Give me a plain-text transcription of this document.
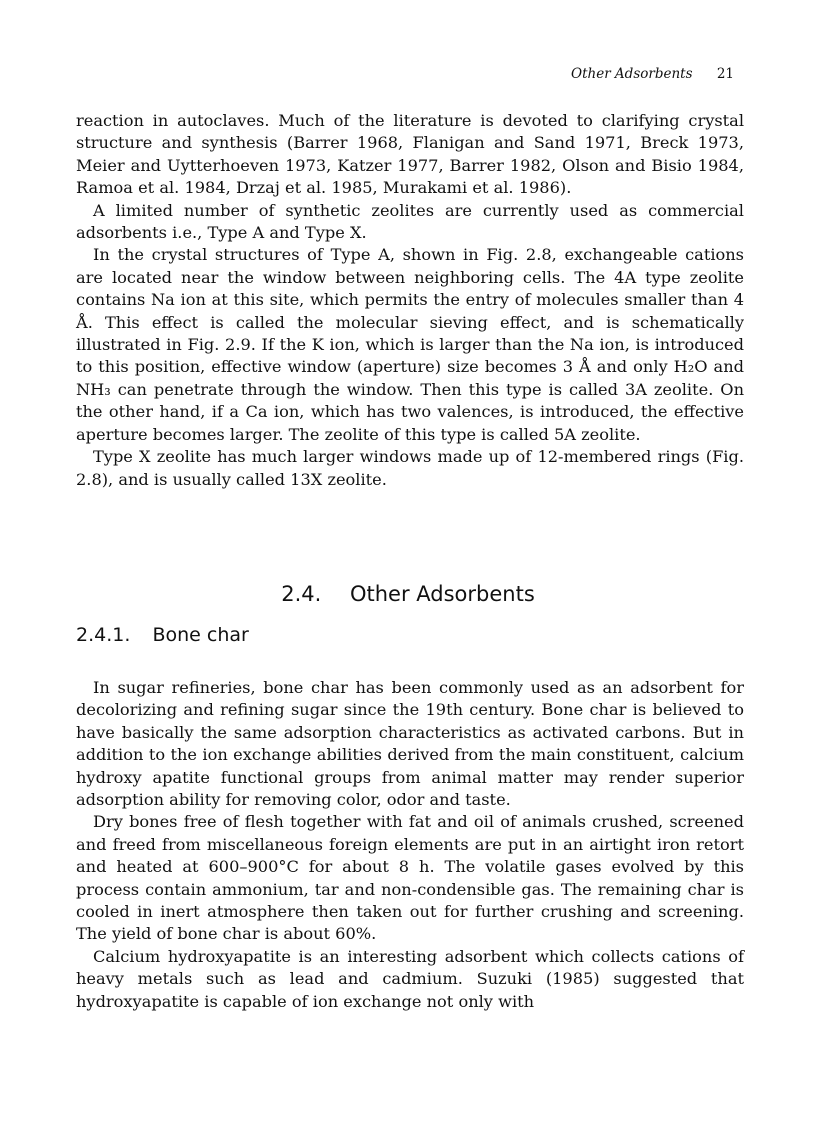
Other Adsorbents 21

reaction in autoclaves. Much of the literature is devoted to clarifying crystal structure and synthesis (Barrer 1968, Flanigan and Sand 1971, Breck 1973, Meier and Uytterhoeven 1973, Katzer 1977, Barrer 1982, Olson and Bisio 1984, Ramoa et al. 1984, Drzaj et al. 1985, Murakami et al. 1986).

A limited number of synthetic zeolites are currently used as commercial adsorbents i.e., Type A and Type X.

In the crystal structures of Type A, shown in Fig. 2.8, exchangeable cations are located near the window between neighboring cells. The 4A type zeolite contains Na ion at this site, which permits the entry of molecules smaller than 4 Å. This effect is called the molecular sieving effect, and is schematically illustrated in Fig. 2.9. If the K ion, which is larger than the Na ion, is introduced to this position, effective window (aperture) size becomes 3 Å and only H₂O and NH₃ can penetrate through the window. Then this type is called 3A zeolite. On the other hand, if a Ca ion, which has two valences, is introduced, the effective aperture becomes larger. The zeolite of this type is called 5A zeolite.

Type X zeolite has much larger windows made up of 12-membered rings (Fig. 2.8), and is usually called 13X zeolite.

2.4. Other Adsorbents
2.4.1. Bone char

In sugar refineries, bone char has been commonly used as an adsorbent for decolorizing and refining sugar since the 19th century. Bone char is believed to have basically the same adsorption characteristics as activated carbons. But in addition to the ion exchange abilities derived from the main constituent, calcium hydroxy apatite functional groups from animal matter may render superior adsorption ability for removing color, odor and taste.

Dry bones free of flesh together with fat and oil of animals crushed, screened and freed from miscellaneous foreign elements are put in an airtight iron retort and heated at 600–900°C for about 8 h. The volatile gases evolved by this process contain ammonium, tar and non-condensible gas. The remaining char is cooled in inert atmosphere then taken out for further crushing and screening. The yield of bone char is about 60%.

Calcium hydroxyapatite is an interesting adsorbent which collects cations of heavy metals such as lead and cadmium. Suzuki (1985) suggested that hydroxyapatite is capable of ion exchange not only with
